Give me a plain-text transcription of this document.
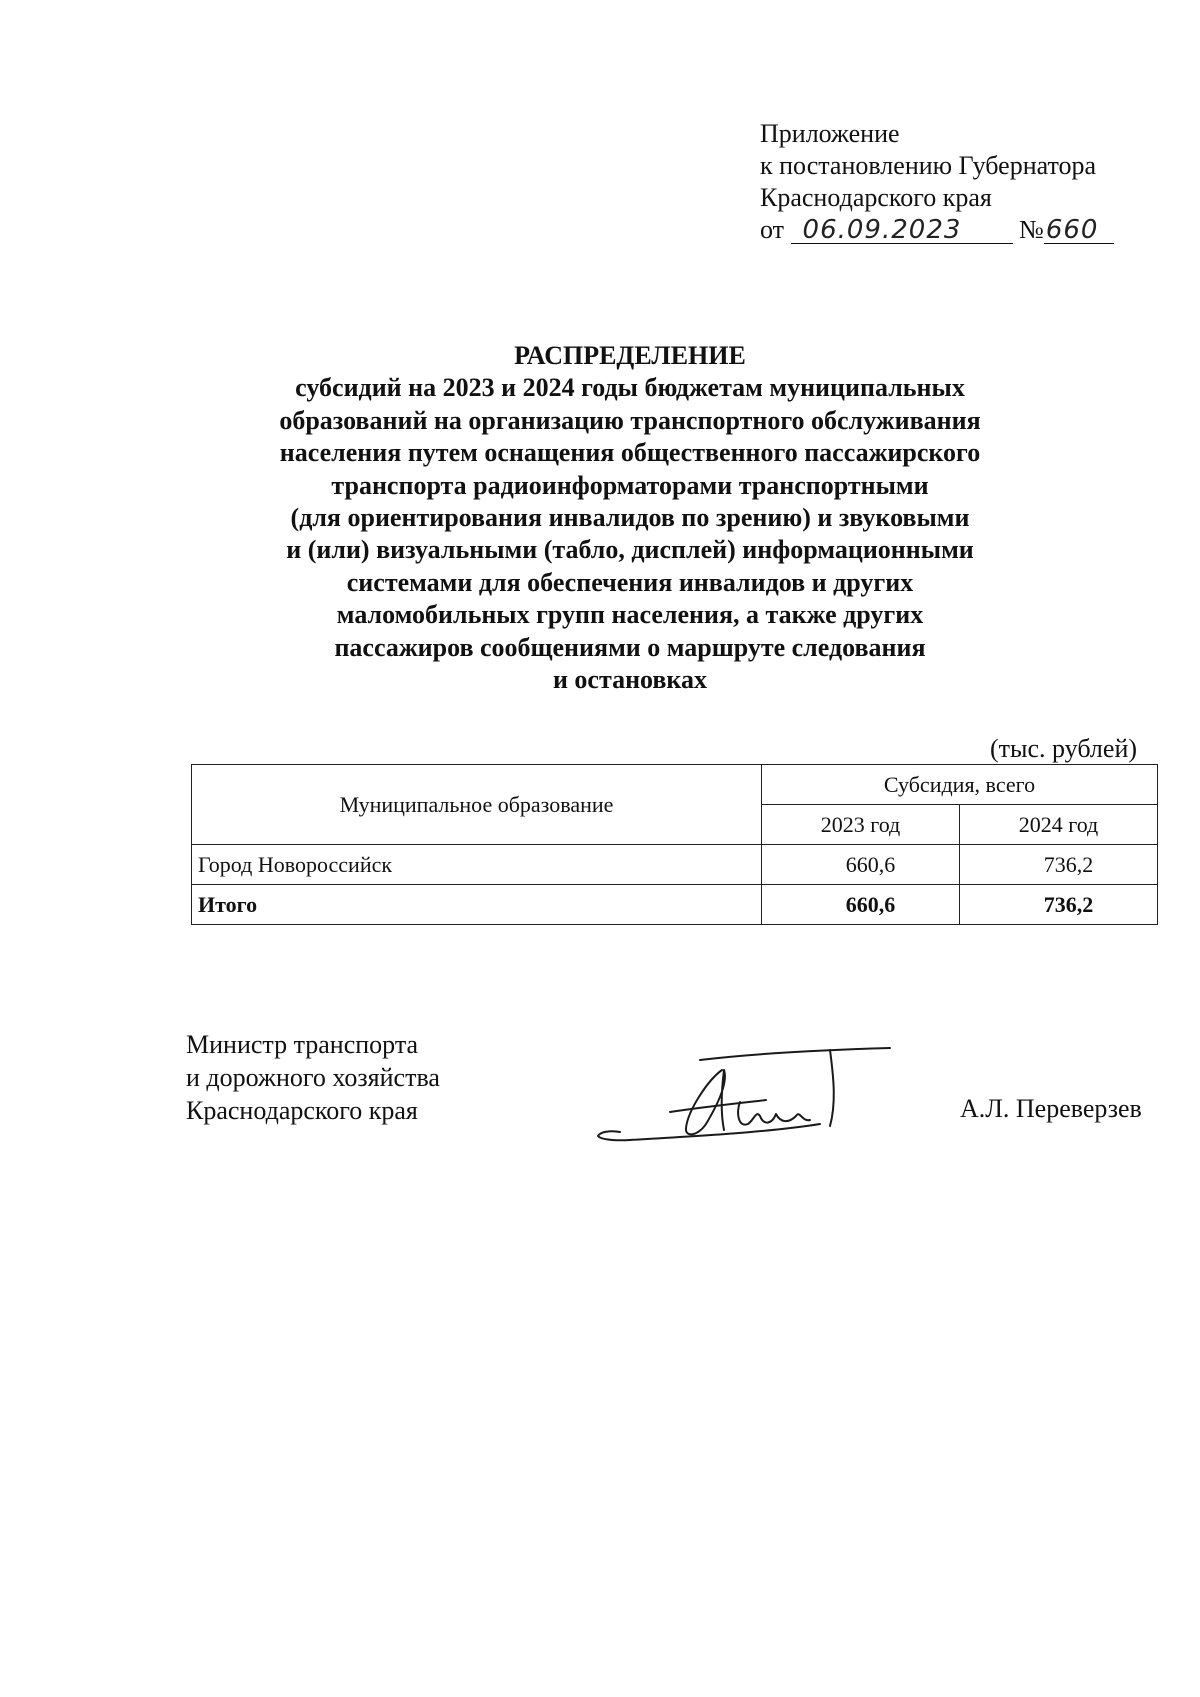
Приложение
к постановлению Губернатора
Краснодарского края
от 06.09.2023 №660
РАСПРЕДЕЛЕНИЕ
субсидий на 2023 и 2024 годы бюджетам муниципальных
образований на организацию транспортного обслуживания
населения путем оснащения общественного пассажирского
транспорта радиоинформаторами транспортными
(для ориентирования инвалидов по зрению) и звуковыми
и (или) визуальными (табло, дисплей) информационными
системами для обеспечения инвалидов и других
маломобильных групп населения, а также других
пассажиров сообщениями о маршруте следования
и остановках
(тыс. рублей)
Муниципальное образование	Субсидия, всего	
	2023 год	2024 год
Город Новороссийск	660,6	736,2
Итого	660,6	736,2
Министр транспорта
и дорожного хозяйства
Краснодарского края	А.Л. Переверзев
